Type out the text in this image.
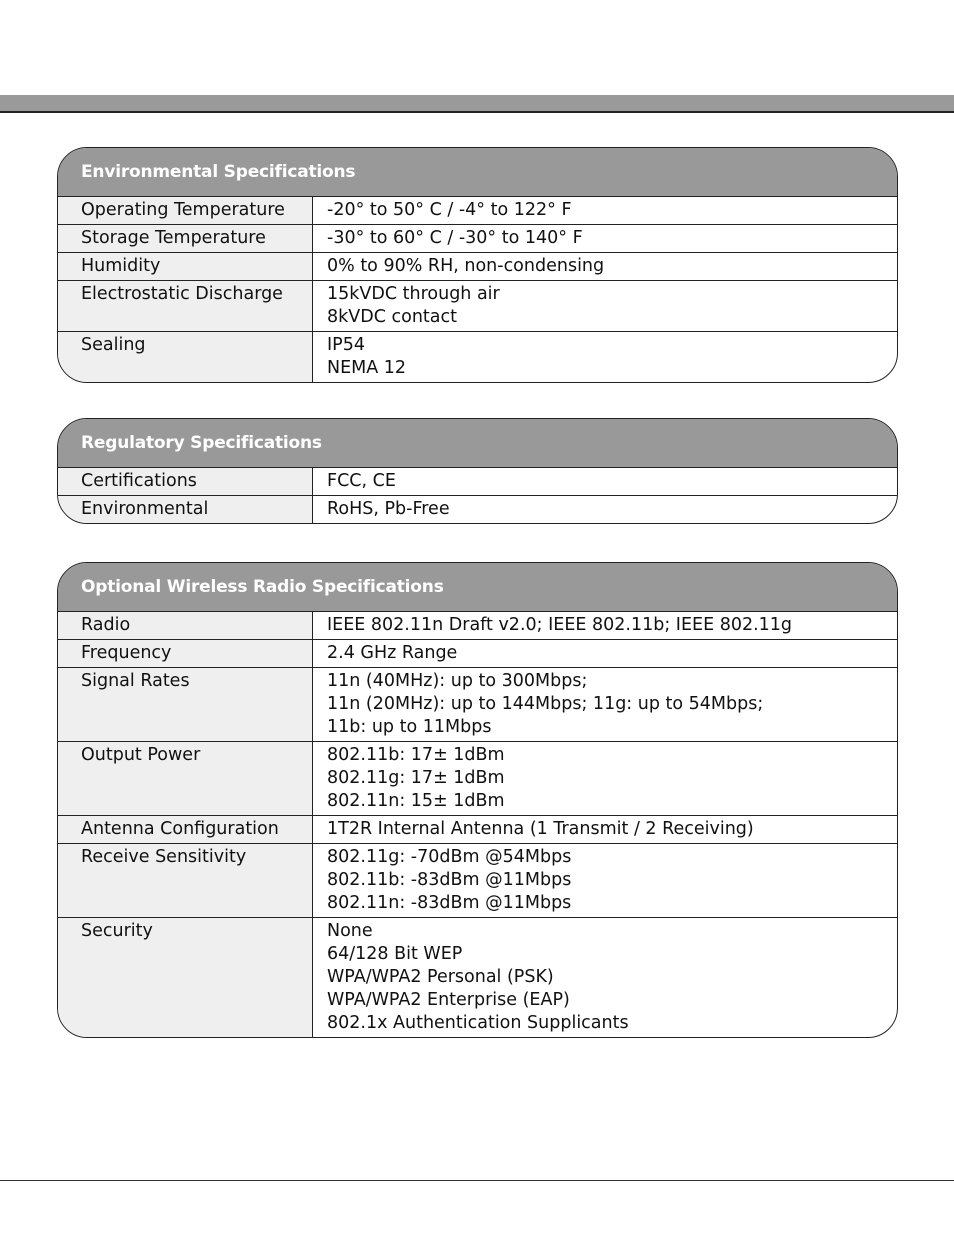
Environmental Specifications
Operating Temperature	-20° to 50° C / -4° to 122° F
Storage Temperature	-30° to 60° C / -30° to 140° F
Humidity	0% to 90% RH, non-condensing
Electrostatic Discharge	15kVDC through air
8kVDC contact
Sealing	IP54
NEMA 12
Regulatory Specifications
Certifications	FCC, CE
Environmental	RoHS, Pb-Free
Optional Wireless Radio Specifications
Radio	IEEE 802.11n Draft v2.0; IEEE 802.11b; IEEE 802.11g
Frequency	2.4 GHz Range
Signal Rates	11n (40MHz): up to 300Mbps;
11n (20MHz): up to 144Mbps; 11g: up to 54Mbps;
11b: up to 11Mbps
Output Power	802.11b: 17± 1dBm
802.11g: 17± 1dBm
802.11n: 15± 1dBm
Antenna Configuration	1T2R Internal Antenna (1 Transmit / 2 Receiving)
Receive Sensitivity	802.11g: -70dBm @54Mbps
802.11b: -83dBm @11Mbps
802.11n: -83dBm @11Mbps
Security	None
64/128 Bit WEP
WPA/WPA2 Personal (PSK)
WPA/WPA2 Enterprise (EAP)
802.1x Authentication Supplicants
